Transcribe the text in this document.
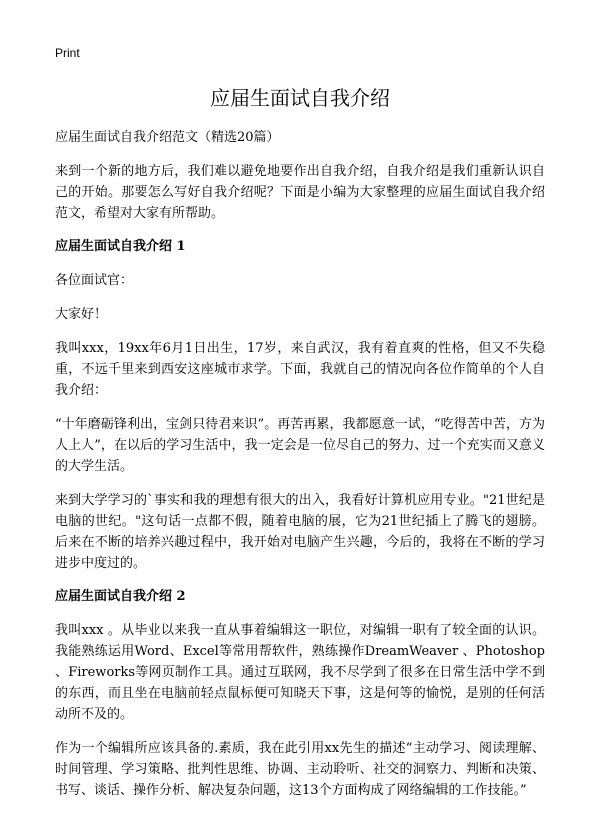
Print
应届生面试自我介绍

应届生面试自我介绍范文（精选20篇）

来到一个新的地方后，我们难以避免地要作出自我介绍，自我介绍是我们重新认识自己的开始。那要怎么写好自我介绍呢？下面是小编为大家整理的应届生面试自我介绍范文，希望对大家有所帮助。

应届生面试自我介绍 1

各位面试官：

大家好！

我叫xxx，19xx年6月1日出生，17岁，来自武汉，我有着直爽的性格，但又不失稳重，不远千里来到西安这座城市求学。下面，我就自己的情况向各位作简单的个人自我介绍：

“十年磨砺锋利出，宝剑只待君来识”。再苦再累，我都愿意一试，“吃得苦中苦，方为人上人”，在以后的学习生活中，我一定会是一位尽自己的努力、过一个充实而又意义的大学生活。

来到大学学习的`事实和我的理想有很大的出入，我看好计算机应用专业。"21世纪是电脑的世纪。"这句话一点都不假，随着电脑的展，它为21世纪插上了腾飞的翅膀。后来在不断的培养兴趣过程中，我开始对电脑产生兴趣，今后的，我将在不断的学习进步中度过的。

应届生面试自我介绍 2

我叫xxx 。从毕业以来我一直从事着编辑这一职位，对编辑一职有了较全面的认识。我能熟练运用Word、Excel等常用帮软件，熟练操作DreamWeaver 、Photoshop 、Fireworks等网页制作工具。通过互联网，我不尽学到了很多在日常生活中学不到的东西，而且坐在电脑前轻点鼠标便可知晓天下事，这是何等的愉悦，是别的任何活动所不及的。

作为一个编辑所应该具备的.素质，我在此引用xx先生的描述“主动学习、阅读理解、时间管理、学习策略、批判性思维、协调、主动聆听、社交的洞察力、判断和决策、书写、谈话、操作分析、解决复杂问题，这13个方面构成了网络编辑的工作技能。”
